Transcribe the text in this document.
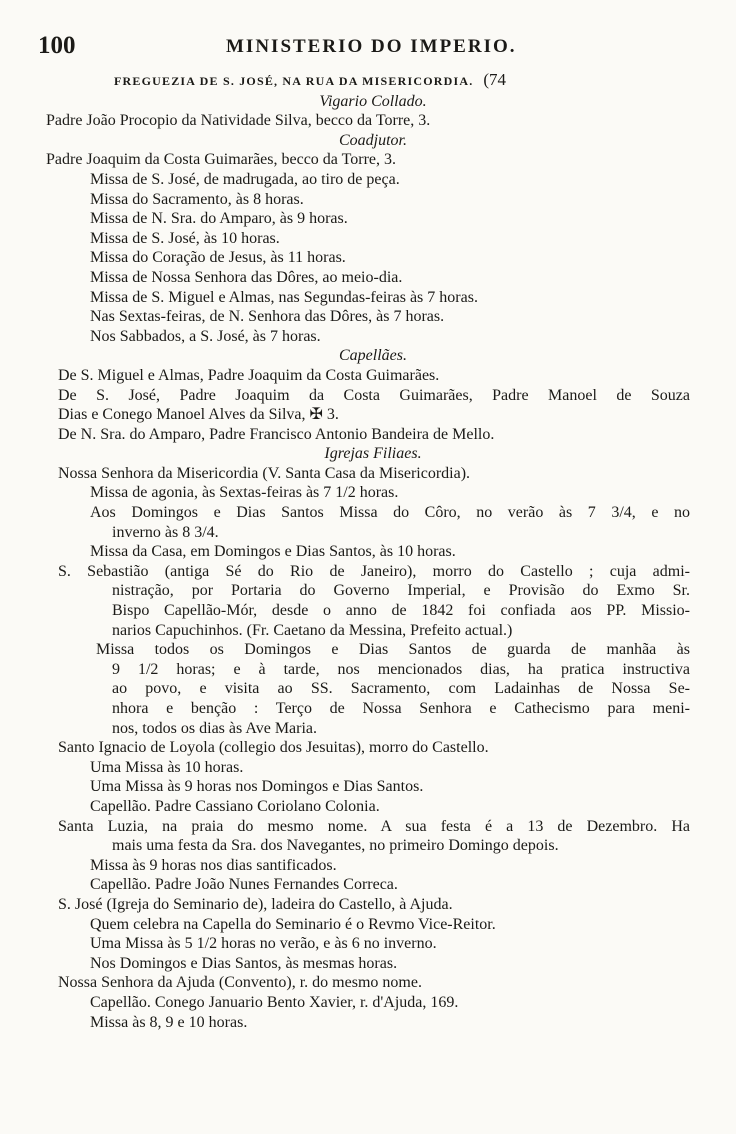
100	MINISTERIO DO IMPERIO.
FREGUEZIA DE S. JOSÉ, NA RUA DA MISERICORDIA. (74
Vigario Collado.
Padre João Procopio da Natividade Silva, becco da Torre, 3.
Coadjutor.
Padre Joaquim da Costa Guimarães, becco da Torre, 3.
Missa de S. José, de madrugada, ao tiro de peça.
Missa do Sacramento, às 8 horas.
Missa de N. Sra. do Amparo, às 9 horas.
Missa de S. José, às 10 horas.
Missa do Coração de Jesus, às 11 horas.
Missa de Nossa Senhora das Dôres, ao meio-dia.
Missa de S. Miguel e Almas, nas Segundas-feiras às 7 horas.
Nas Sextas-feiras, de N. Senhora das Dôres, às 7 horas.
Nos Sabbados, a S. José, às 7 horas.
Capellães.
De S. Miguel e Almas, Padre Joaquim da Costa Guimarães.
De S. José, Padre Joaquim da Costa Guimarães, Padre Manoel de Souza
Dias e Conego Manoel Alves da Silva, ✠ 3.
De N. Sra. do Amparo, Padre Francisco Antonio Bandeira de Mello.
Igrejas Filiaes.
Nossa Senhora da Misericordia (V. Santa Casa da Misericordia).
Missa de agonia, às Sextas-feiras às 7 1/2 horas.
Aos Domingos e Dias Santos Missa do Côro, no verão às 7 3/4, e no
inverno às 8 3/4.
Missa da Casa, em Domingos e Dias Santos, às 10 horas.
S. Sebastião (antiga Sé do Rio de Janeiro), morro do Castello ; cuja admi-
nistração, por Portaria do Governo Imperial, e Provisão do Exmo Sr.
Bispo Capellão-Mór, desde o anno de 1842 foi confiada aos PP. Missio-
narios Capuchinhos. (Fr. Caetano da Messina, Prefeito actual.)
Missa todos os Domingos e Dias Santos de guarda de manhãa às
9 1/2 horas; e à tarde, nos mencionados dias, ha pratica instructiva
ao povo, e visita ao SS. Sacramento, com Ladainhas de Nossa Se-
nhora e benção : Terço de Nossa Senhora e Cathecismo para meni-
nos, todos os dias às Ave Maria.
Santo Ignacio de Loyola (collegio dos Jesuitas), morro do Castello.
Uma Missa às 10 horas.
Uma Missa às 9 horas nos Domingos e Dias Santos.
Capellão. Padre Cassiano Coriolano Colonia.
Santa Luzia, na praia do mesmo nome. A sua festa é a 13 de Dezembro. Ha
mais uma festa da Sra. dos Navegantes, no primeiro Domingo depois.
Missa às 9 horas nos dias santificados.
Capellão. Padre João Nunes Fernandes Correca.
S. José (Igreja do Seminario de), ladeira do Castello, à Ajuda.
Quem celebra na Capella do Seminario é o Revmo Vice-Reitor.
Uma Missa às 5 1/2 horas no verão, e às 6 no inverno.
Nos Domingos e Dias Santos, às mesmas horas.
Nossa Senhora da Ajuda (Convento), r. do mesmo nome.
Capellão. Conego Januario Bento Xavier, r. d'Ajuda, 169.
Missa às 8, 9 e 10 horas.
